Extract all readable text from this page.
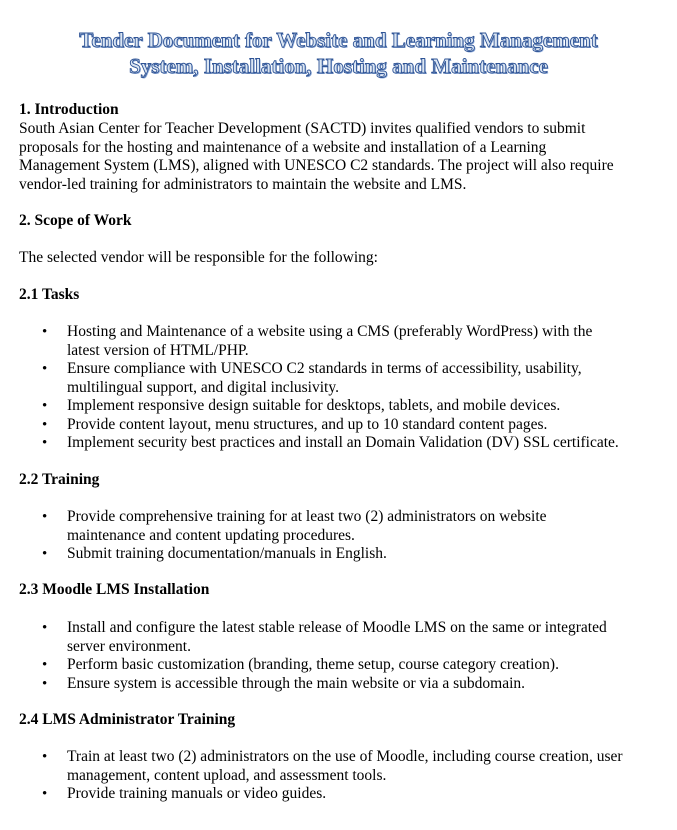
Tender Document for Website and Learning Management
System, Installation, Hosting and Maintenance
1. Introduction
South Asian Center for Teacher Development (SACTD) invites qualified vendors to submit
proposals for the hosting and maintenance of a website and installation of a Learning
Management System (LMS), aligned with UNESCO C2 standards. The project will also require
vendor-led training for administrators to maintain the website and LMS.
2. Scope of Work
The selected vendor will be responsible for the following:
2.1 Tasks
• Hosting and Maintenance of a website using a CMS (preferably WordPress) with the
latest version of HTML/PHP.
• Ensure compliance with UNESCO C2 standards in terms of accessibility, usability,
multilingual support, and digital inclusivity.
• Implement responsive design suitable for desktops, tablets, and mobile devices.
• Provide content layout, menu structures, and up to 10 standard content pages.
• Implement security best practices and install an Domain Validation (DV) SSL certificate.
2.2 Training
• Provide comprehensive training for at least two (2) administrators on website
maintenance and content updating procedures.
• Submit training documentation/manuals in English.
2.3 Moodle LMS Installation
• Install and configure the latest stable release of Moodle LMS on the same or integrated
server environment.
• Perform basic customization (branding, theme setup, course category creation).
• Ensure system is accessible through the main website or via a subdomain.
2.4 LMS Administrator Training
• Train at least two (2) administrators on the use of Moodle, including course creation, user
management, content upload, and assessment tools.
• Provide training manuals or video guides.
